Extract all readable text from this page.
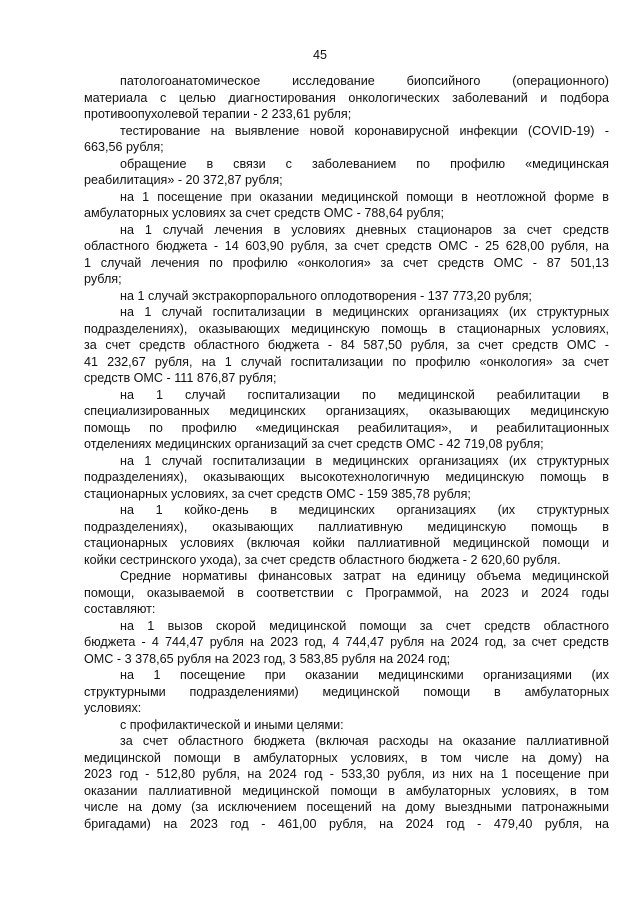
45
патологоанатомическое исследование биопсийного (операционного)
материала с целью диагностирования онкологических заболеваний и подбора
противоопухолевой терапии - 2 233,61 рубля;
тестирование на выявление новой коронавирусной инфекции (COVID-19) -
663,56 рубля;
обращение в связи с заболеванием по профилю «медицинская
реабилитация» - 20 372,87 рубля;
на 1 посещение при оказании медицинской помощи в неотложной форме в
амбулаторных условиях за счет средств ОМС - 788,64 рубля;
на 1 случай лечения в условиях дневных стационаров за счет средств
областного бюджета - 14 603,90 рубля, за счет средств ОМС - 25 628,00 рубля, на
1 случай лечения по профилю «онкология» за счет средств ОМС - 87 501,13
рубля;
на 1 случай экстракорпорального оплодотворения - 137 773,20 рубля;
на 1 случай госпитализации в медицинских организациях (их структурных
подразделениях), оказывающих медицинскую помощь в стационарных условиях,
за счет средств областного бюджета - 84 587,50 рубля, за счет средств ОМС -
41 232,67 рубля, на 1 случай госпитализации по профилю «онкология» за счет
средств ОМС - 111 876,87 рубля;
на 1 случай госпитализации по медицинской реабилитации в
специализированных медицинских организациях, оказывающих медицинскую
помощь по профилю «медицинская реабилитация», и реабилитационных
отделениях медицинских организаций за счет средств ОМС - 42 719,08 рубля;
на 1 случай госпитализации в медицинских организациях (их структурных
подразделениях), оказывающих высокотехнологичную медицинскую помощь в
стационарных условиях, за счет средств ОМС - 159 385,78 рубля;
на 1 койко-день в медицинских организациях (их структурных
подразделениях), оказывающих паллиативную медицинскую помощь в
стационарных условиях (включая койки паллиативной медицинской помощи и
койки сестринского ухода), за счет средств областного бюджета - 2 620,60 рубля.
Средние нормативы финансовых затрат на единицу объема медицинской
помощи, оказываемой в соответствии с Программой, на 2023 и 2024 годы
составляют:
на 1 вызов скорой медицинской помощи за счет средств областного
бюджета - 4 744,47 рубля на 2023 год, 4 744,47 рубля на 2024 год, за счет средств
ОМС - 3 378,65 рубля на 2023 год, 3 583,85 рубля на 2024 год;
на 1 посещение при оказании медицинскими организациями (их
структурными подразделениями) медицинской помощи в амбулаторных
условиях:
с профилактической и иными целями:
за счет областного бюджета (включая расходы на оказание паллиативной
медицинской помощи в амбулаторных условиях, в том числе на дому) на
2023 год - 512,80 рубля, на 2024 год - 533,30 рубля, из них на 1 посещение при
оказании паллиативной медицинской помощи в амбулаторных условиях, в том
числе на дому (за исключением посещений на дому выездными патронажными
бригадами) на 2023 год - 461,00 рубля, на 2024 год - 479,40 рубля, на
